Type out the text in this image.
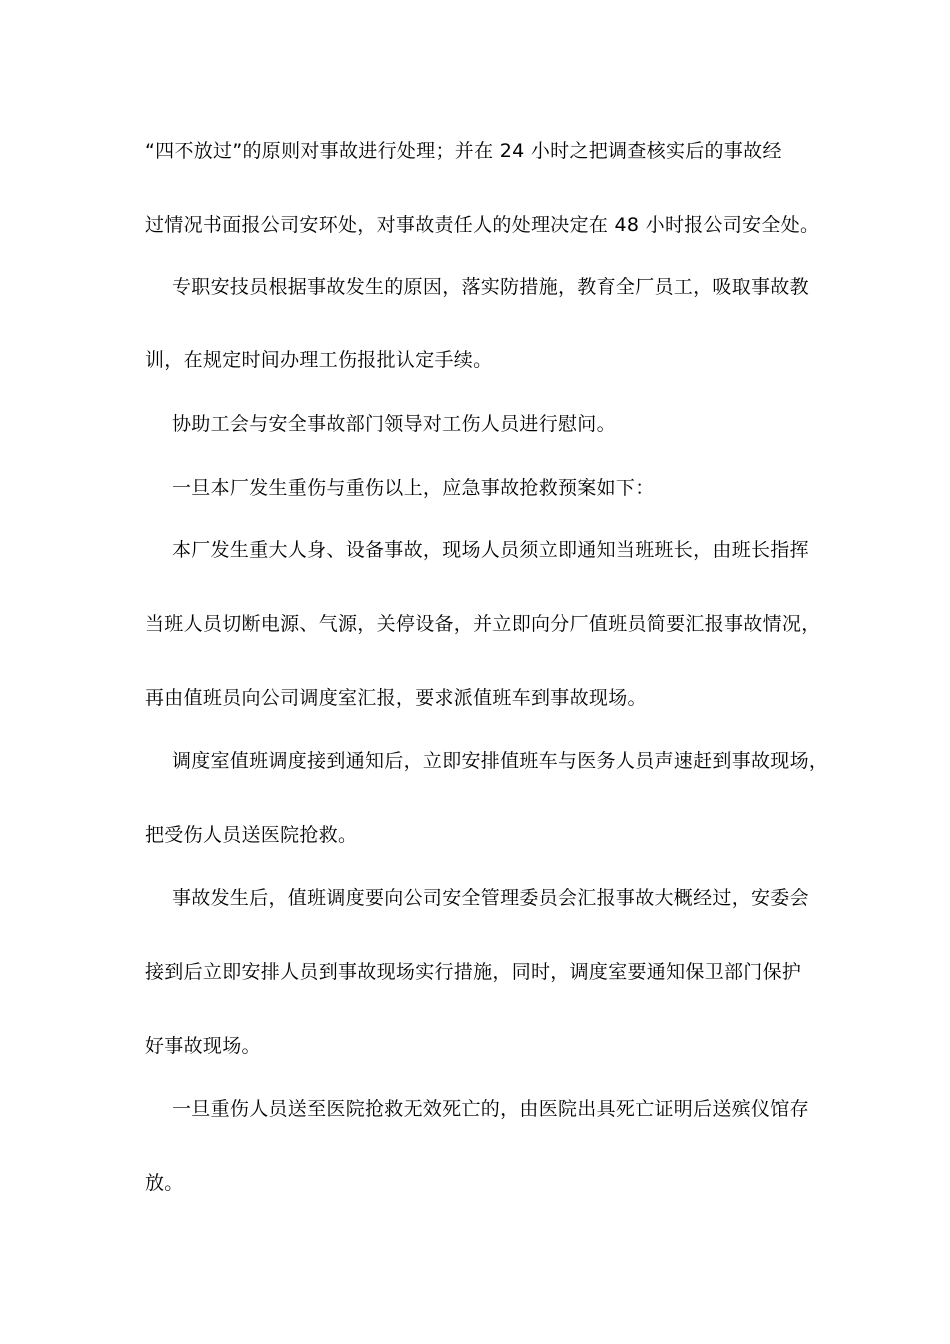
“四不放过”的原则对事故进行处理；并在 24 小时之把调查核实后的事故经
过情况书面报公司安环处，对事故责任人的处理决定在 48 小时报公司安全处。
专职安技员根据事故发生的原因，落实防措施，教育全厂员工，吸取事故教
训，在规定时间办理工伤报批认定手续。
协助工会与安全事故部门领导对工伤人员进行慰问。
一旦本厂发生重伤与重伤以上，应急事故抢救预案如下：
本厂发生重大人身、设备事故，现场人员须立即通知当班班长，由班长指挥
当班人员切断电源、气源，关停设备，并立即向分厂值班员简要汇报事故情况，
再由值班员向公司调度室汇报，要求派值班车到事故现场。
调度室值班调度接到通知后，立即安排值班车与医务人员声速赶到事故现场，
把受伤人员送医院抢救。
事故发生后，值班调度要向公司安全管理委员会汇报事故大概经过，安委会
接到后立即安排人员到事故现场实行措施，同时，调度室要通知保卫部门保护
好事故现场。
一旦重伤人员送至医院抢救无效死亡的，由医院出具死亡证明后送殡仪馆存
放。
